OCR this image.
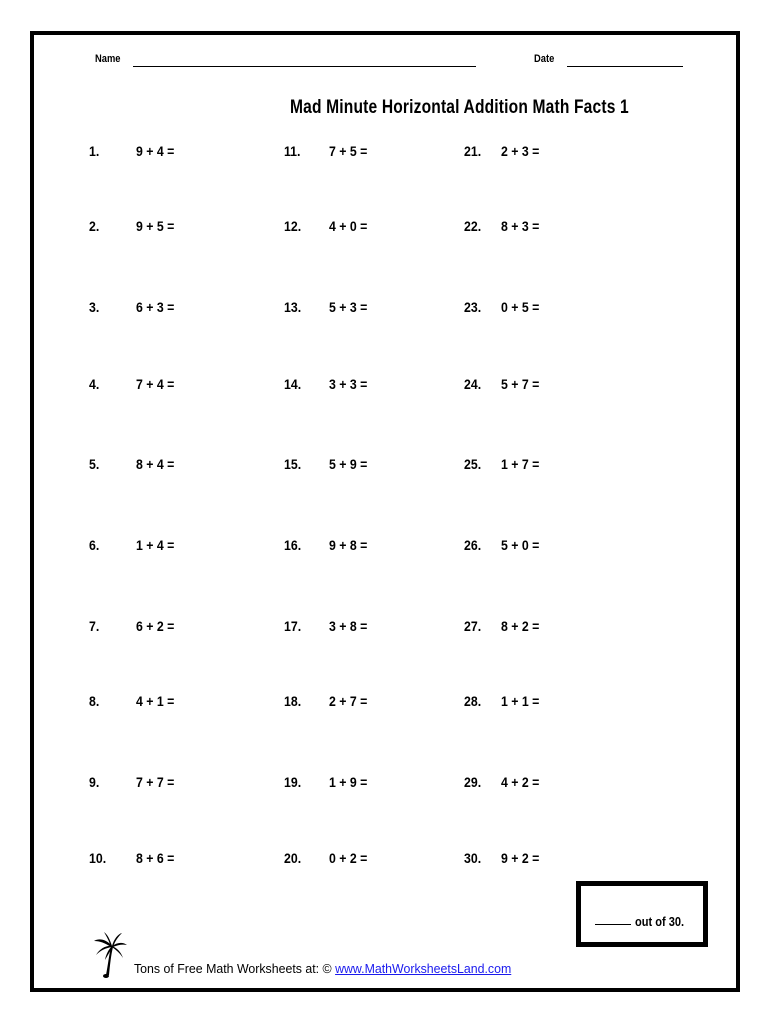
Name	Date
Mad Minute Horizontal Addition Math Facts 1
1.	9 + 4 =
2.	9 + 5 =
3.	6 + 3 =
4.	7 + 4 =
5.	8 + 4 =
6.	1 + 4 =
7.	6 + 2 =
8.	4 + 1 =
9.	7 + 7 =
10. 8 + 6 =
11. 7 + 5 =
12. 4 + 0 =
13. 5 + 3 =
14. 3 + 3 =
15. 5 + 9 =
16. 9 + 8 =
17. 3 + 8 =
18. 2 + 7 =
19. 1 + 9 =
20. 0 + 2 =
21. 2 + 3 =
22. 8 + 3 =
23. 0 + 5 =
24. 5 + 7 =
25. 1 + 7 =
26. 5 + 0 =
27. 8 + 2 =
28. 1 + 1 =
29. 4 + 2 =
30. 9 + 2 =
out of 30.
Tons of Free Math Worksheets at: © www.MathWorksheetsLand.com
